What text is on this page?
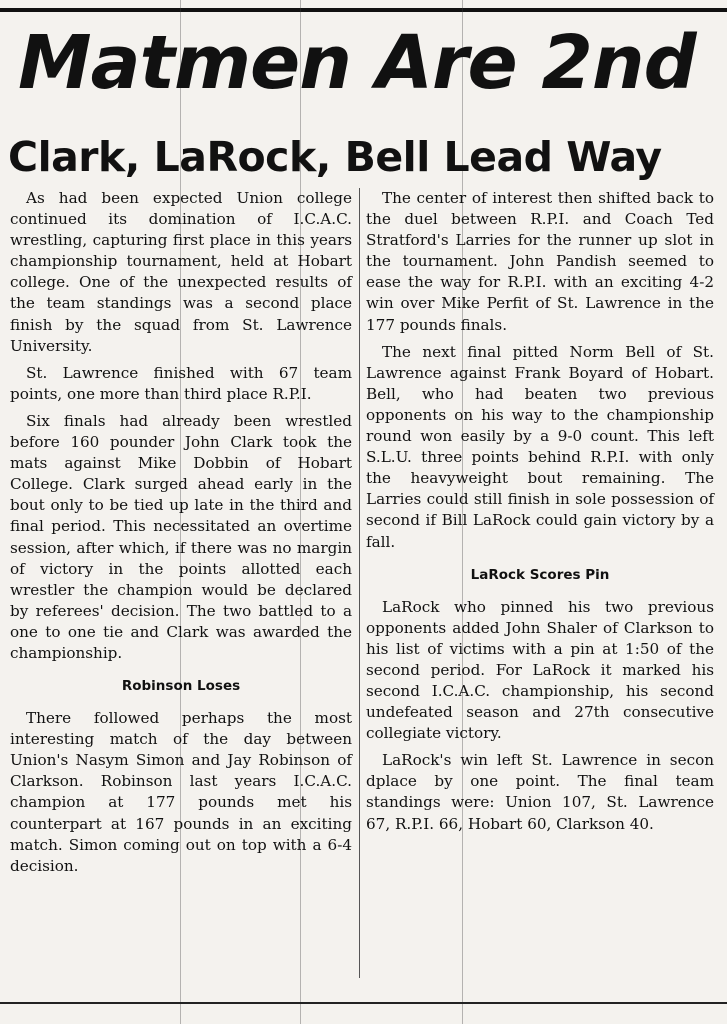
Matmen Are 2nd
Clark, LaRock, Bell Lead Way

As had been expected Union college continued its domination of I.C.A.C. wrestling, capturing first place in this years championship tournament, held at Hobart college. One of the unexpected results of the team standings was a second place finish by the squad from St. Lawrence University.

St. Lawrence finished with 67 team points, one more than third place R.P.I.

Six finals had already been wrestled before 160 pounder John Clark took the mats against Mike Dobbin of Hobart College. Clark surged ahead early in the bout only to be tied up late in the third and final period. This necessitated an overtime session, after which, if there was no margin of victory in the points allotted each wrestler the champion would be declared by referees' decision. The two battled to a one to one tie and Clark was awarded the championship.

Robinson Loses

There followed perhaps the most interesting match of the day between Union's Nasym Simon and Jay Robinson of Clarkson. Robinson last years I.C.A.C. champion at 177 pounds met his counterpart at 167 pounds in an exciting match. Simon coming out on top with a 6-4 decision.

The center of interest then shifted back to the duel between R.P.I. and Coach Ted Stratford's Larries for the runner up slot in the tournament. John Pandish seemed to ease the way for R.P.I. with an exciting 4-2 win over Mike Perfit of St. Lawrence in the 177 pounds finals.

The next final pitted Norm Bell of St. Lawrence against Frank Boyard of Hobart. Bell, who had beaten two previous opponents on his way to the championship round won easily by a 9-0 count. This left S.L.U. three points behind R.P.I. with only the heavyweight bout remaining. The Larries could still finish in sole possession of second if Bill LaRock could gain victory by a fall.

LaRock Scores Pin

LaRock who pinned his two previous opponents added John Shaler of Clarkson to his list of victims with a pin at 1:50 of the second period. For LaRock it marked his second I.C.A.C. championship, his second undefeated season and 27th consecutive collegiate victory.

LaRock's win left St. Lawrence in secon dplace by one point. The final team standings were: Union 107, St. Lawrence 67, R.P.I. 66, Hobart 60, Clarkson 40.
